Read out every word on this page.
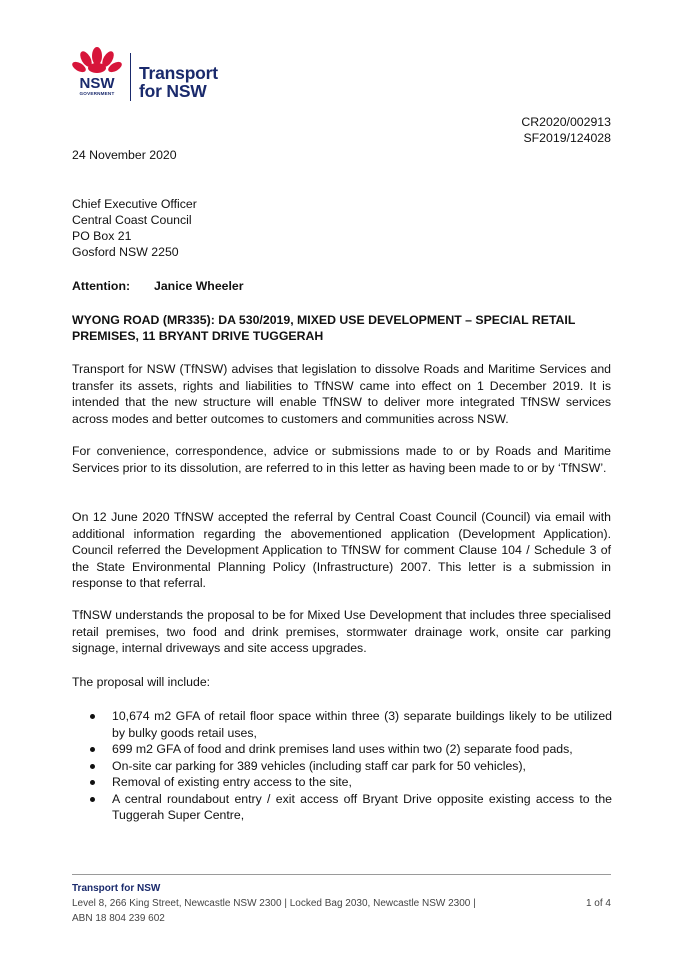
NSW
GOVERNMENT
Transport
for NSW
CR2020/002913
SF2019/124028
24 November 2020
Chief Executive Officer
Central Coast Council
PO Box 21
Gosford NSW 2250
Attention: Janice Wheeler
WYONG ROAD (MR335): DA 530/2019, MIXED USE DEVELOPMENT – SPECIAL RETAIL PREMISES, 11 BRYANT DRIVE TUGGERAH
Transport for NSW (TfNSW) advises that legislation to dissolve Roads and Maritime Services and transfer its assets, rights and liabilities to TfNSW came into effect on 1 December 2019. It is intended that the new structure will enable TfNSW to deliver more integrated TfNSW services across modes and better outcomes to customers and communities across NSW.
For convenience, correspondence, advice or submissions made to or by Roads and Maritime Services prior to its dissolution, are referred to in this letter as having been made to or by ‘TfNSW’.
On 12 June 2020 TfNSW accepted the referral by Central Coast Council (Council) via email with additional information regarding the abovementioned application (Development Application). Council referred the Development Application to TfNSW for comment Clause 104 / Schedule 3 of the State Environmental Planning Policy (Infrastructure) 2007. This letter is a submission in response to that referral.
TfNSW understands the proposal to be for Mixed Use Development that includes three specialised retail premises, two food and drink premises, stormwater drainage work, onsite car parking signage, internal driveways and site access upgrades.
The proposal will include:
10,674 m2 GFA of retail floor space within three (3) separate buildings likely to be utilized by bulky goods retail uses,
699 m2 GFA of food and drink premises land uses within two (2) separate food pads,
On-site car parking for 389 vehicles (including staff car park for 50 vehicles),
Removal of existing entry access to the site,
A central roundabout entry / exit access off Bryant Drive opposite existing access to the Tuggerah Super Centre,
Transport for NSW
Level 8, 266 King Street, Newcastle NSW 2300 | Locked Bag 2030, Newcastle NSW 2300 |
ABN 18 804 239 602
1 of 4
